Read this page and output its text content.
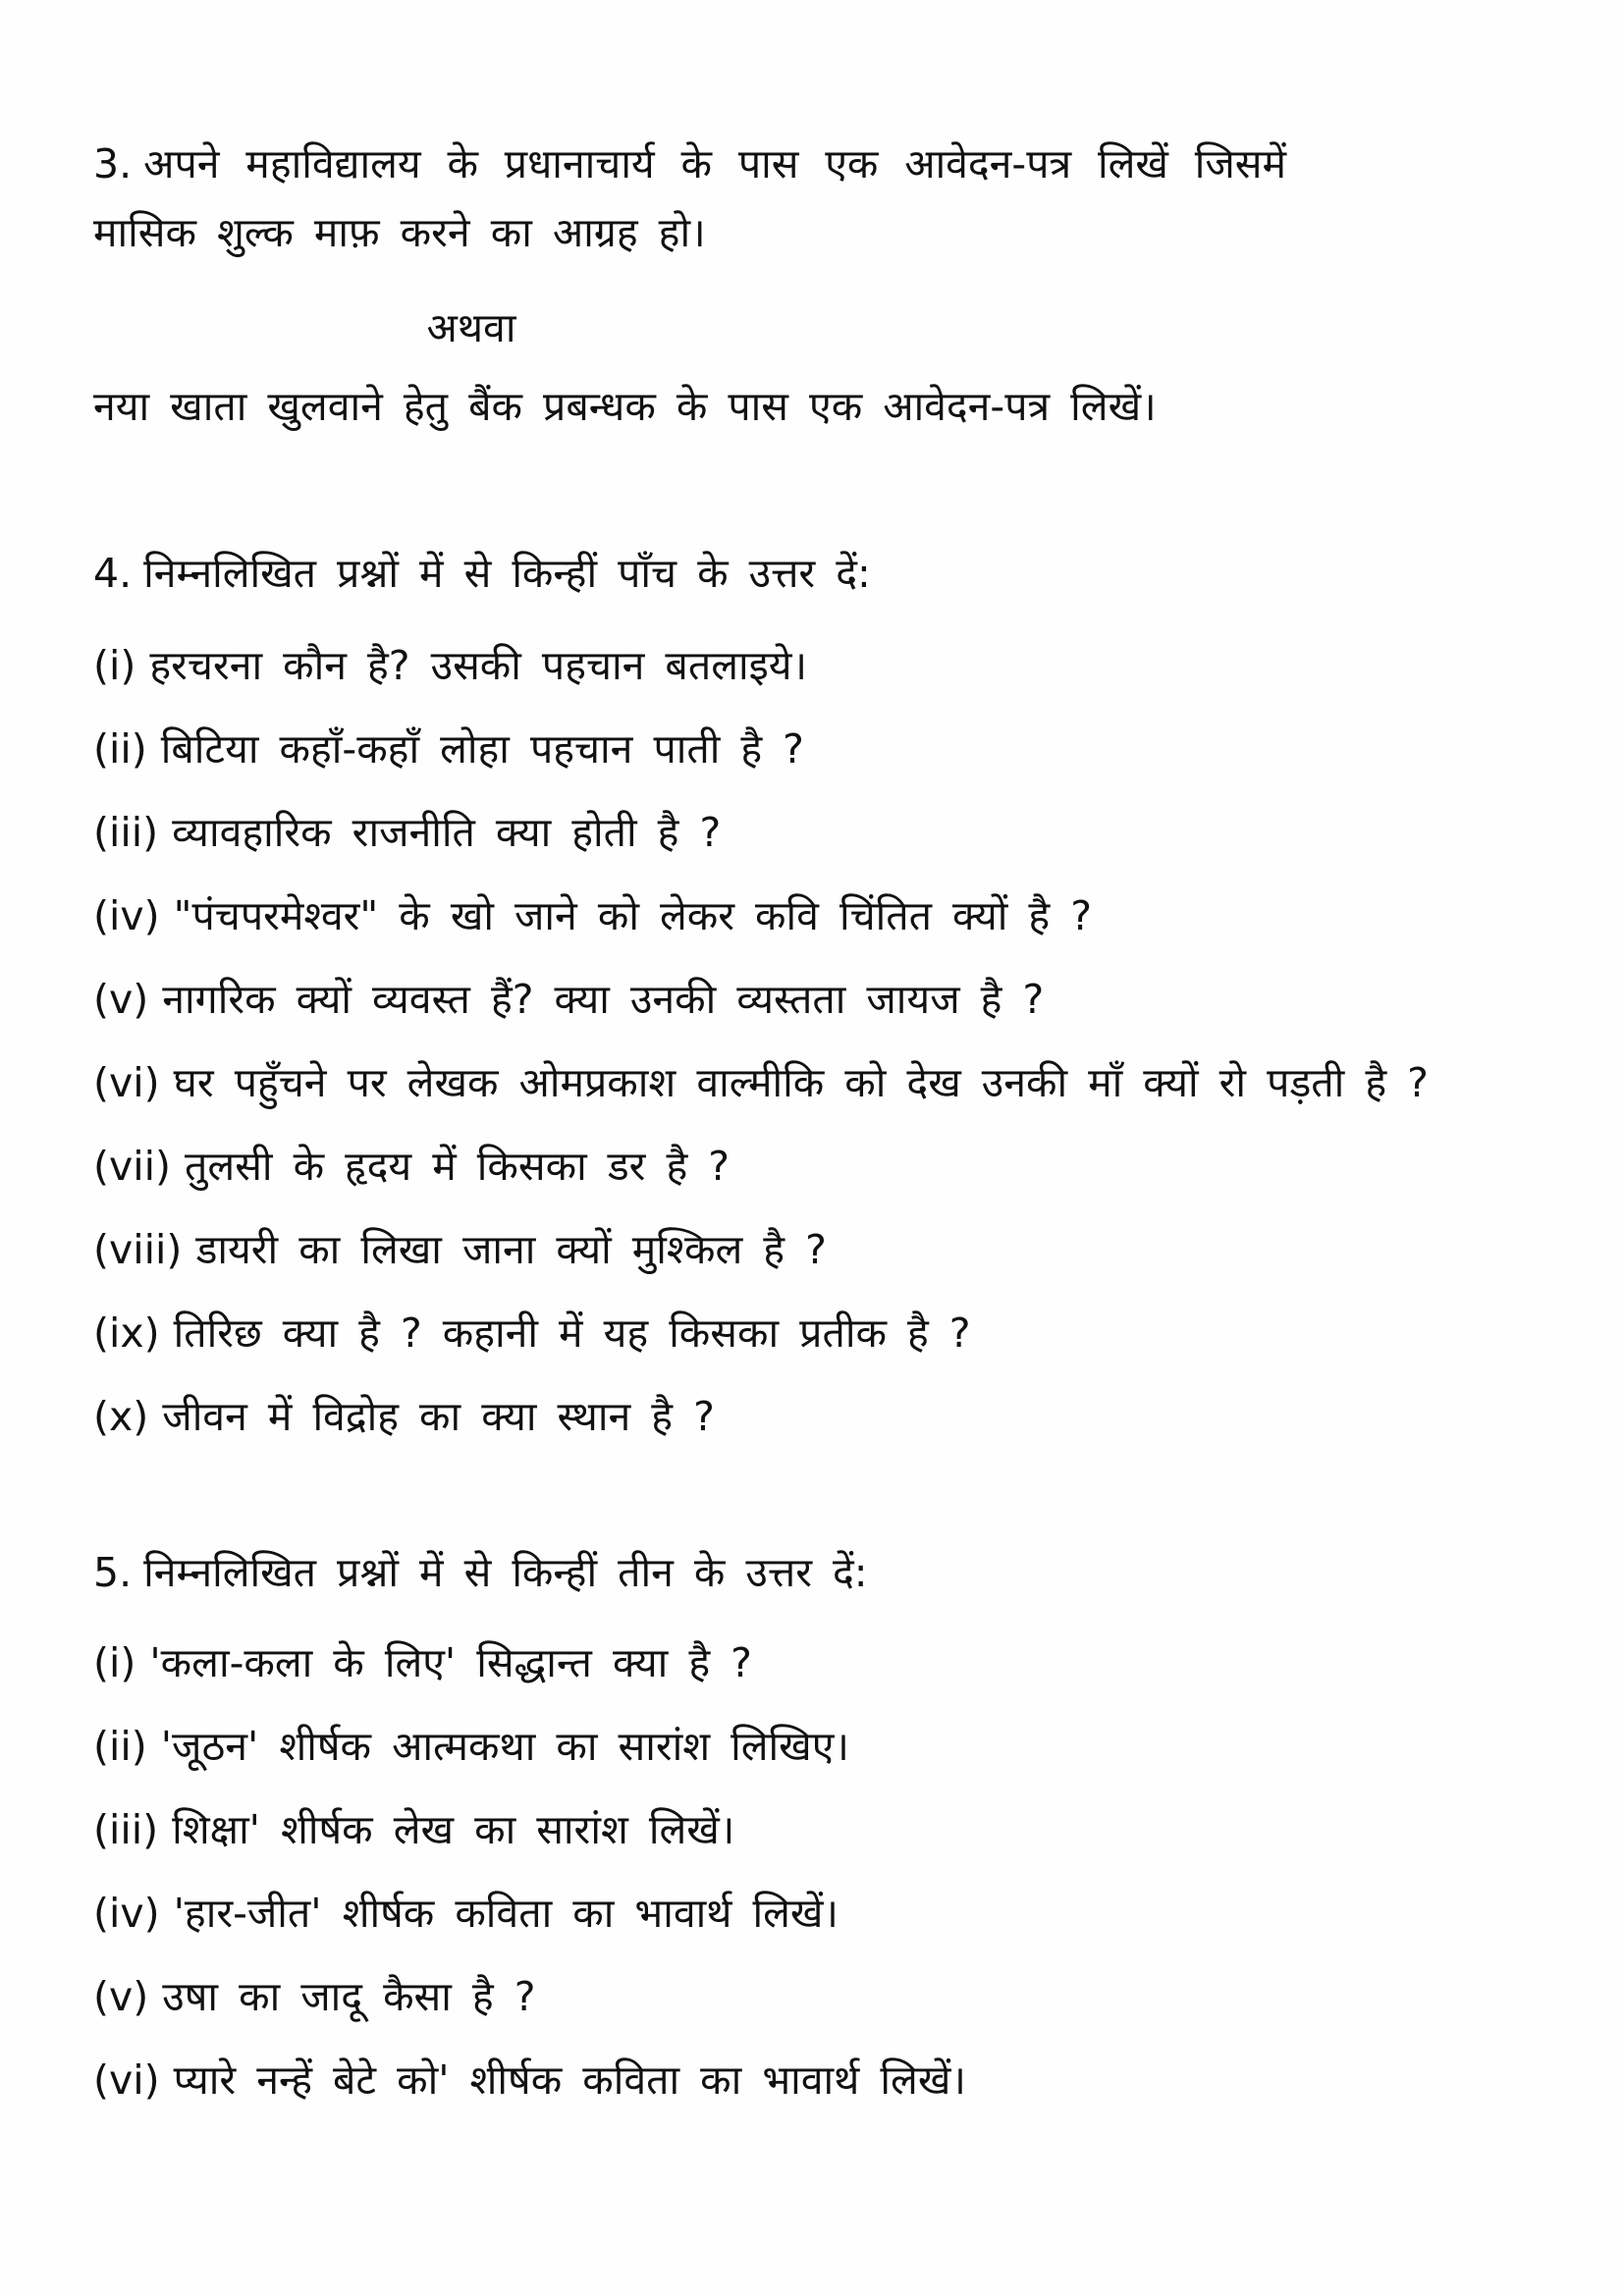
3. अपने महाविद्यालय के प्रधानाचार्य के पास एक आवेदन-पत्र लिखें जिसमें मासिक शुल्क माफ़ करने का आग्रह हो।

अथवा

नया खाता खुलवाने हेतु बैंक प्रबन्धक के पास एक आवेदन-पत्र लिखें।

4. निम्नलिखित प्रश्नों में से किन्हीं पाँच के उत्तर दें:

(i) हरचरना कौन है? उसकी पहचान बतलाइये।
(ii) बिटिया कहाँ-कहाँ लोहा पहचान पाती है ?
(iii) व्यावहारिक राजनीति क्या होती है ?
(iv) "पंचपरमेश्वर" के खो जाने को लेकर कवि चिंतित क्यों है ?
(v) नागरिक क्यों व्यवस्त हैं? क्या उनकी व्यस्तता जायज है ?
(vi) घर पहुँचने पर लेखक ओमप्रकाश वाल्मीकि को देख उनकी माँ क्यों रो पड़ती है ?
(vii) तुलसी के हृदय में किसका डर है ?
(viii) डायरी का लिखा जाना क्यों मुश्किल है ?
(ix) तिरिछ क्या है ? कहानी में यह किसका प्रतीक है ?
(x) जीवन में विद्रोह का क्या स्थान है ?

5. निम्नलिखित प्रश्नों में से किन्हीं तीन के उत्तर दें:

(i) 'कला-कला के लिए' सिद्धान्त क्या है ?
(ii) 'जूठन' शीर्षक आत्मकथा का सारांश लिखिए।
(iii) शिक्षा' शीर्षक लेख का सारांश लिखें।
(iv) 'हार-जीत' शीर्षक कविता का भावार्थ लिखें।
(v) उषा का जादू कैसा है ?
(vi) प्यारे नन्हें बेटे को' शीर्षक कविता का भावार्थ लिखें।
